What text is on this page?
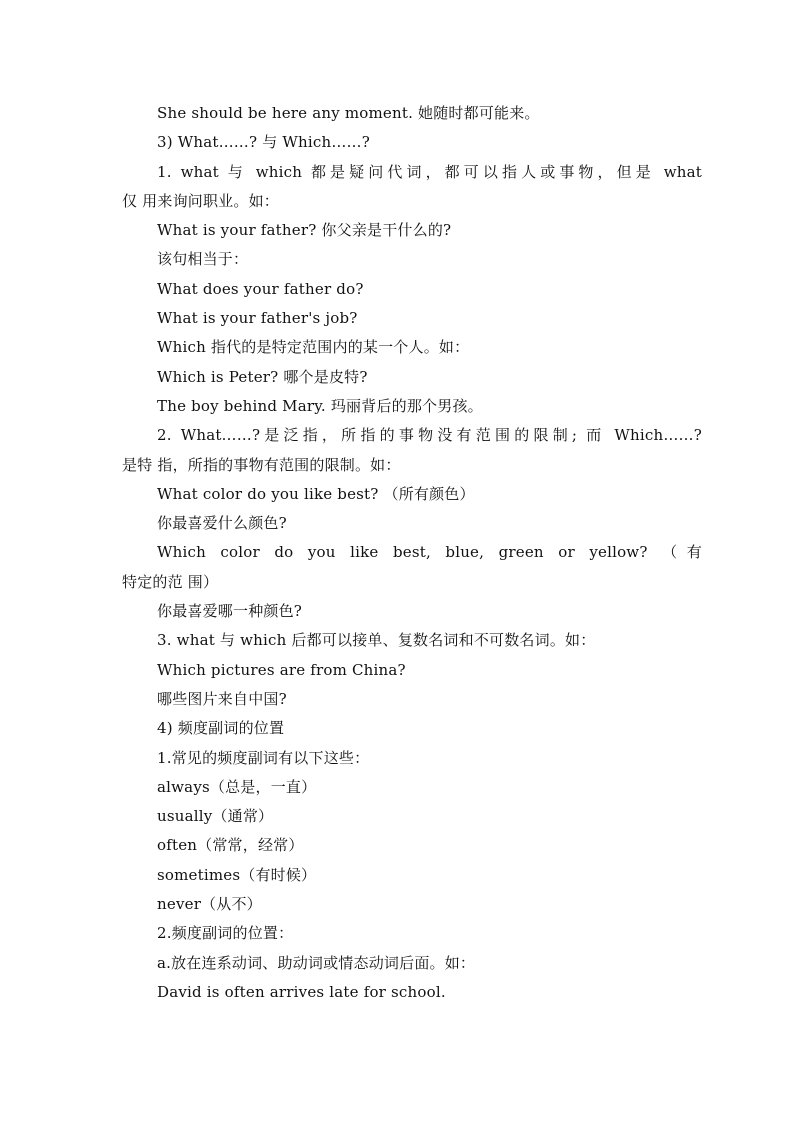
She should be here any moment. 她随时都可能来。
3) What……? 与 Which……?
1. what 与 which 都是疑问代词，都可以指人或事物，但是 what
仅 用来询问职业。如：
What is your father? 你父亲是干什么的?
该句相当于：
What does your father do?
What is your father's job?
Which 指代的是特定范围内的某一个人。如：
Which is Peter? 哪个是皮特?
The boy behind Mary. 玛丽背后的那个男孩。
2. What……?是泛指，所指的事物没有范围的限制; 而 Which……?
是特 指，所指的事物有范围的限制。如：
What color do you like best? （所有颜色）
你最喜爱什么颜色?
Which color do you like best, blue, green or yellow? （有
特定的范 围）
你最喜爱哪一种颜色?
3. what 与 which 后都可以接单、复数名词和不可数名词。如：
Which pictures are from China?
哪些图片来自中国?
4) 频度副词的位置
1.常见的频度副词有以下这些：
always（总是，一直）
usually（通常）
often（常常，经常）
sometimes（有时候）
never（从不）
2.频度副词的位置：
a.放在连系动词、助动词或情态动词后面。如：
David is often arrives late for school.
